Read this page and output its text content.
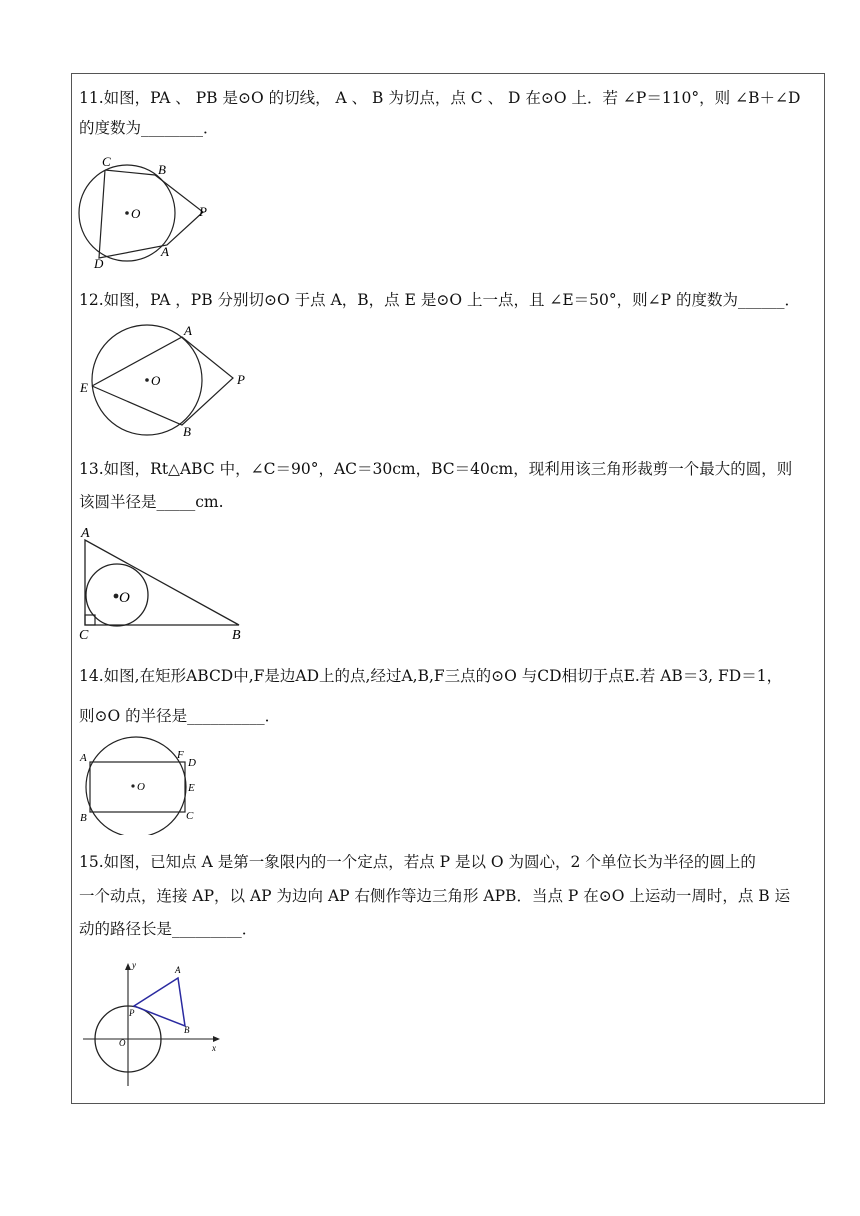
11.如图，PA 、 PB 是⊙O 的切线， A 、 B 为切点，点 C 、 D 在⊙O 上．若 ∠P＝110°，则 ∠B＋∠D
的度数为________．
C
B
O	P
A
D
12.如图，PA ，PB 分别切⊙O 于点 A，B，点 E 是⊙O 上一点，且 ∠E＝50°，则∠P 的度数为______．
A
O	P
E
B
13.如图，Rt△ABC 中，∠C＝90°，AC＝30cm，BC＝40cm，现利用该三角形裁剪一个最大的圆，则
该圆半径是_____cm.
A
O
C	B
14.如图,在矩形ABCD中,F是边AD上的点,经过A,B,F三点的⊙O 与CD相切于点E.若 AB＝3, FD＝1，
则⊙O 的半径是__________．
A	F
D
O	E
B	C
15.如图，已知点 A 是第一象限内的一个定点，若点 P 是以 O 为圆心，2 个单位长为半径的圆上的
一个动点，连接 AP，以 AP 为边向 AP 右侧作等边三角形 APB．当点 P 在⊙O 上运动一周时，点 B 运
动的路径长是_________．
y	A
P
B
O	x
